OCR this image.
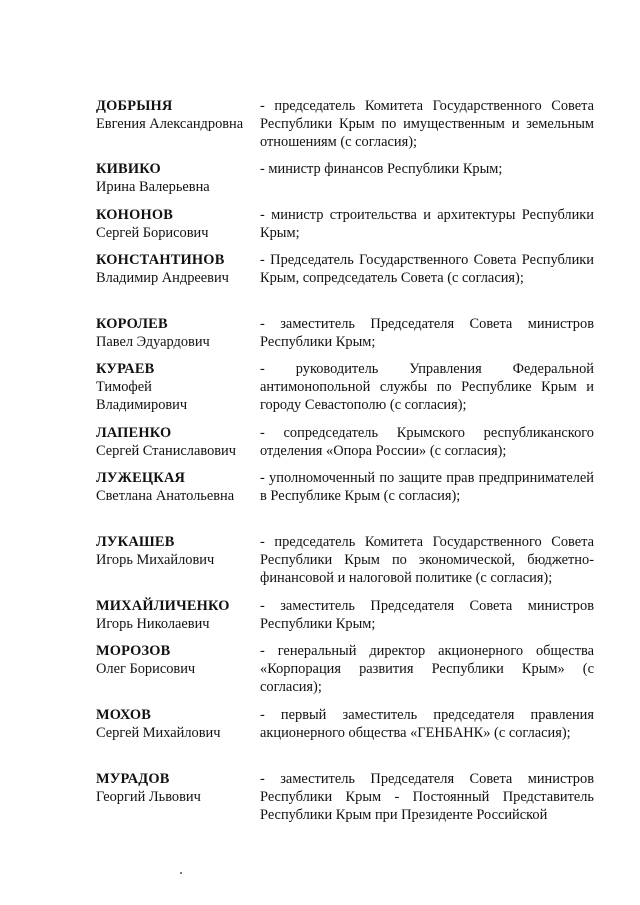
ДОБРЫНЯ
Евгения Александровна
- председатель Комитета Государственного Совета Республики Крым по имущественным и земельным отношениям (с согласия);
КИВИКО
Ирина Валерьевна
- министр финансов Республики Крым;
КОНОНОВ
Сергей Борисович
- министр строительства и архитектуры Республики Крым;
КОНСТАНТИНОВ
Владимир Андреевич
- Председатель Государственного Совета Республики Крым, сопредседатель Совета (с согласия);
КОРОЛЕВ
Павел Эдуардович
- заместитель Председателя Совета министров Республики Крым;
КУРАЕВ
Тимофей Владимирович
- руководитель Управления Федеральной антимонопольной службы по Республике Крым и городу Севастополю (с согласия);
ЛАПЕНКО
Сергей Станиславович
- сопредседатель Крымского республиканского отделения «Опора России» (с согласия);
ЛУЖЕЦКАЯ
Светлана Анатольевна
- уполномоченный по защите прав предпринимателей в Республике Крым (с согласия);
ЛУКАШЕВ
Игорь Михайлович
- председатель Комитета Государственного Совета Республики Крым по экономической, бюджетно-финансовой и налоговой политике (с согласия);
МИХАЙЛИЧЕНКО
Игорь Николаевич
- заместитель Председателя Совета министров Республики Крым;
МОРОЗОВ
Олег Борисович
- генеральный директор акционерного общества «Корпорация развития Республики Крым» (с согласия);
МОХОВ
Сергей Михайлович
- первый заместитель председателя правления акционерного общества «ГЕНБАНК» (с согласия);
МУРАДОВ
Георгий Львович
- заместитель Председателя Совета министров Республики Крым - Постоянный Представитель Республики Крым при Президенте Российской
